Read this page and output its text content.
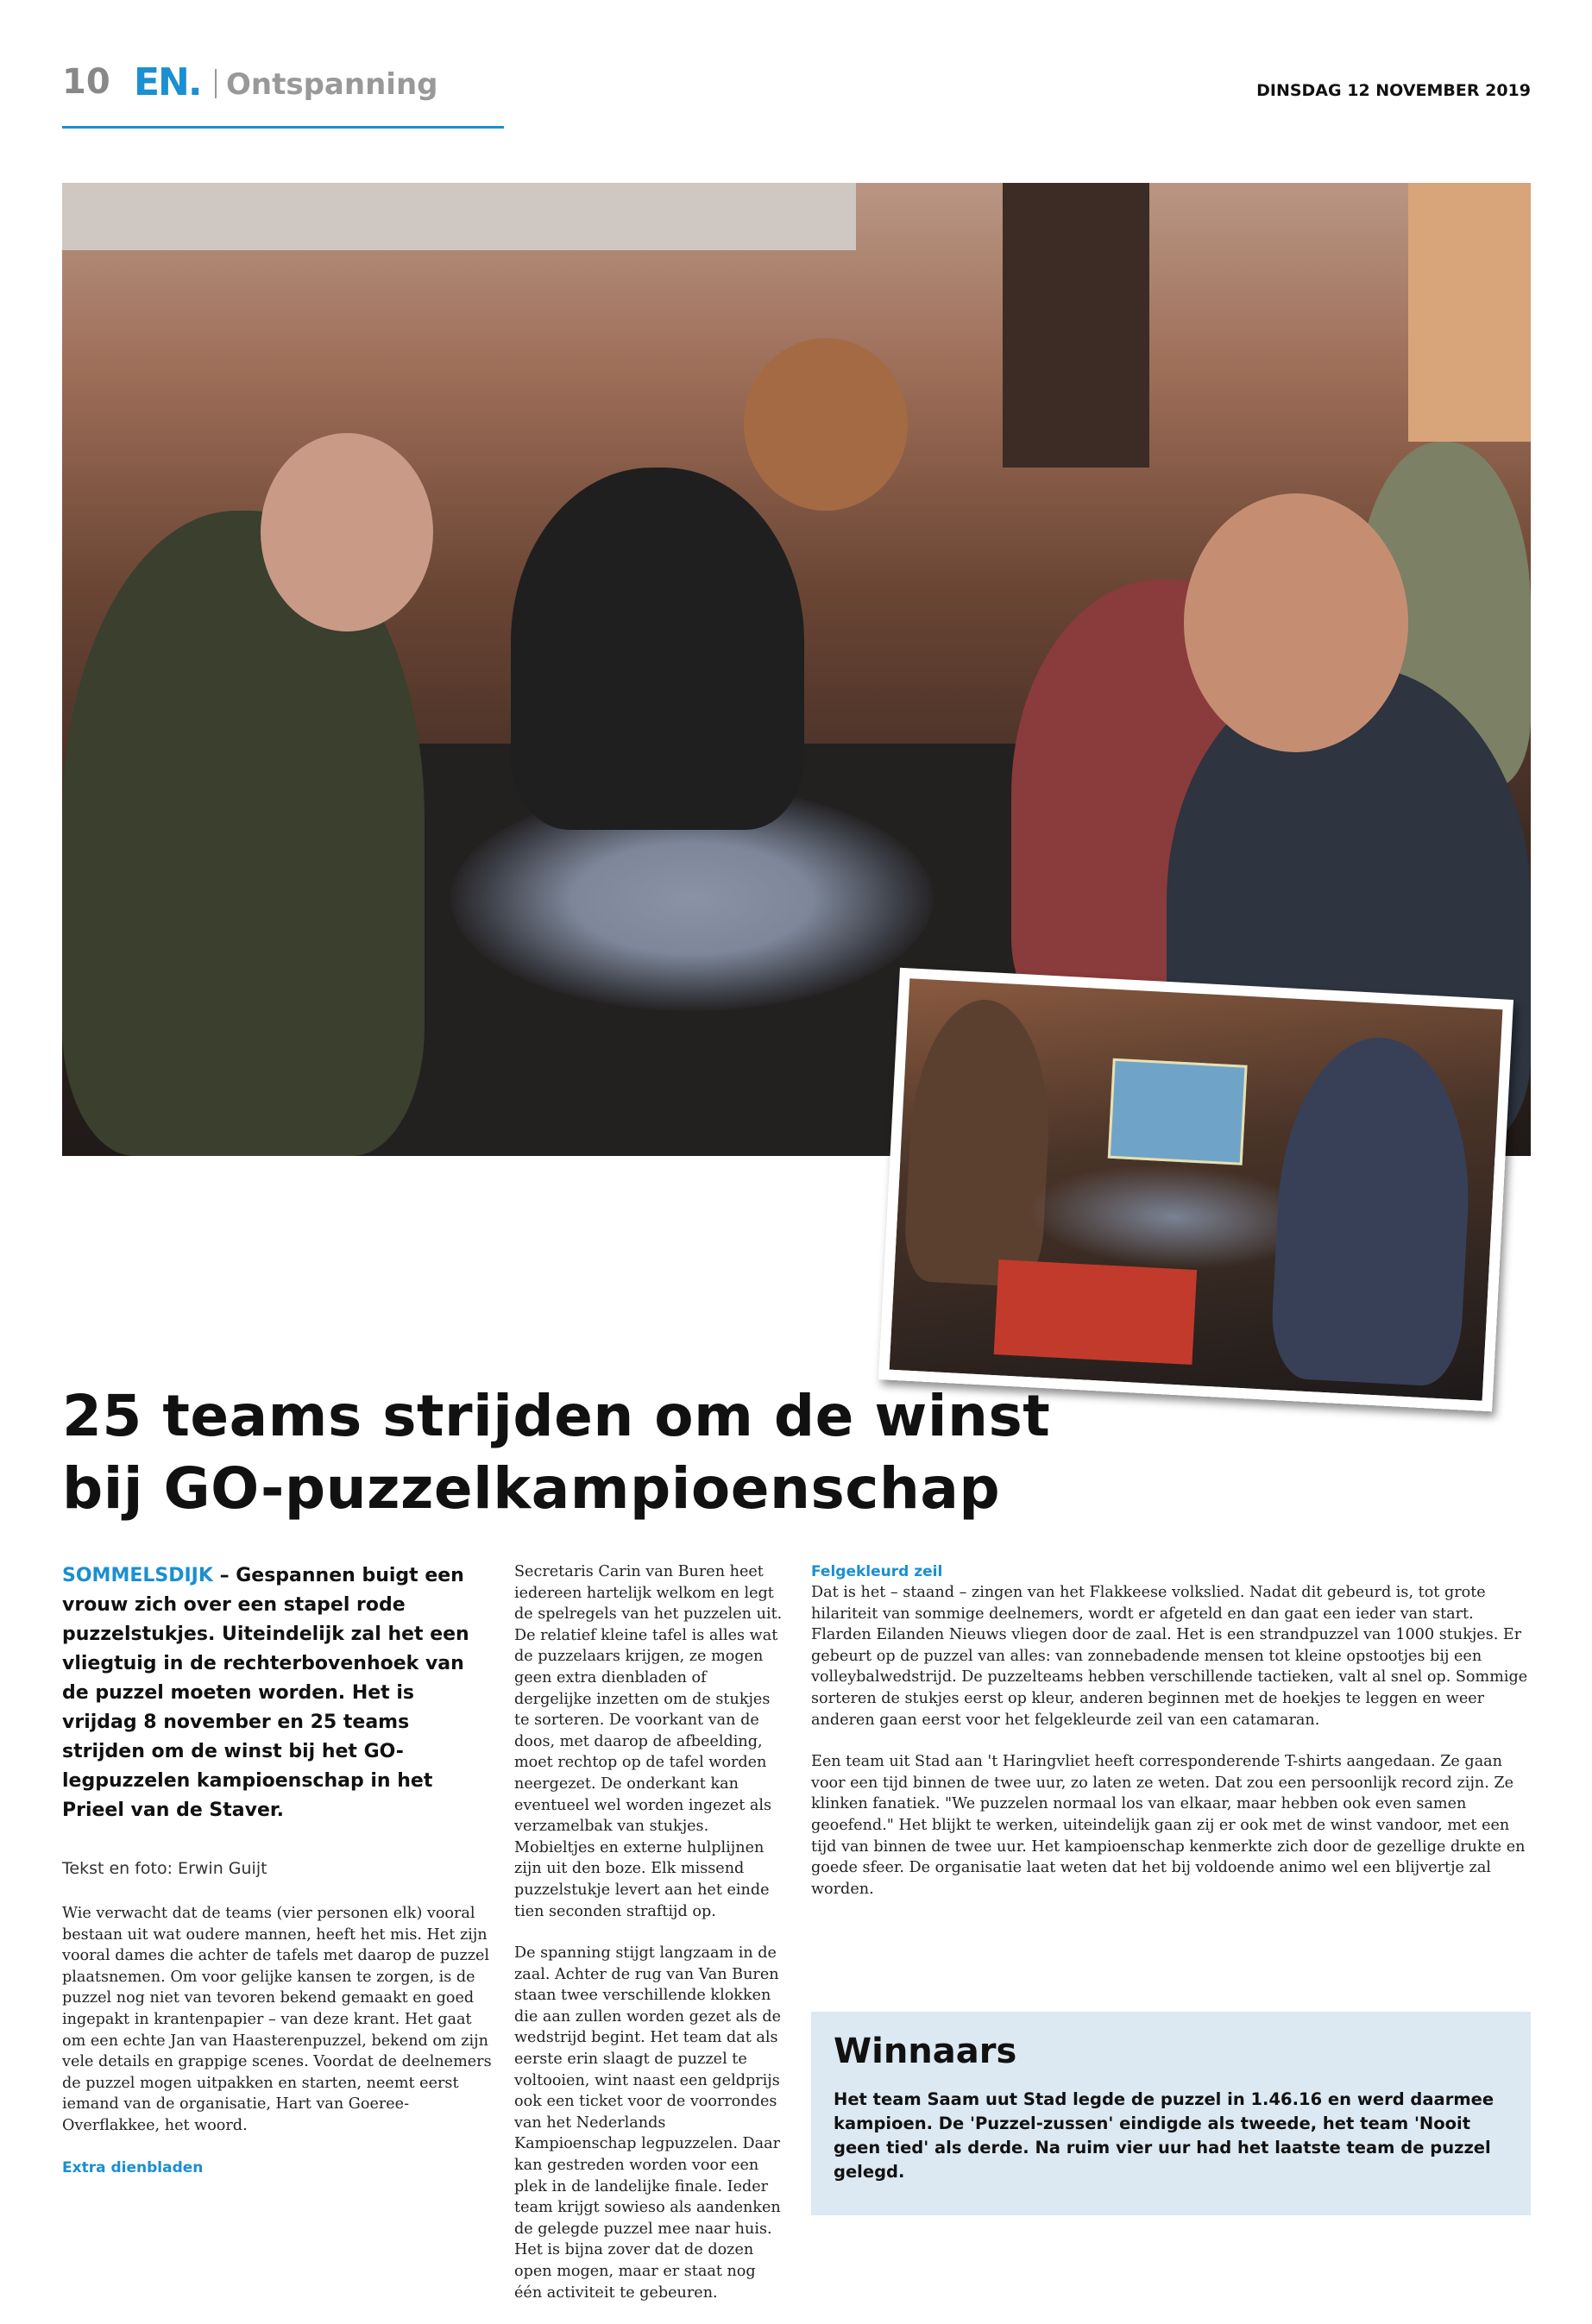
10 EN. Ontspanning	DINSDAG 12 NOVEMBER 2019
25 teams strijden om de winst
bij GO-puzzelkampioenschap

SOMMELSDIJK – Gespannen buigt een vrouw zich over een stapel rode puzzelstukjes. Uiteindelijk zal het een vliegtuig in de rechterbovenhoek van de puzzel moeten worden. Het is vrijdag 8 november en 25 teams strijden om de winst bij het GO-legpuzzelen kampioenschap in het Prieel van de Staver.

Tekst en foto: Erwin Guijt

Wie verwacht dat de teams (vier personen elk) vooral bestaan uit wat oudere mannen, heeft het mis. Het zijn vooral dames die achter de tafels met daarop de puzzel plaatsnemen. Om voor gelijke kansen te zorgen, is de puzzel nog niet van tevoren bekend gemaakt en goed ingepakt in krantenpapier – van deze krant. Het gaat om een echte Jan van Haasterenpuzzel, bekend om zijn vele details en grappige scenes. Voordat de deelnemers de puzzel mogen uitpakken en starten, neemt eerst iemand van de organisatie, Hart van Goeree-Overflakkee, het woord.

Extra dienbladen

Secretaris Carin van Buren heet iedereen hartelijk welkom en legt de spelregels van het puzzelen uit. De relatief kleine tafel is alles wat de puzzelaars krijgen, ze mogen geen extra dienbladen of dergelijke inzetten om de stukjes te sorteren. De voorkant van de doos, met daarop de afbeelding, moet rechtop op de tafel worden neergezet. De onderkant kan eventueel wel worden ingezet als verzamelbak van stukjes. Mobieltjes en externe hulplijnen zijn uit den boze. Elk missend puzzelstukje levert aan het einde tien seconden straftijd op.

De spanning stijgt langzaam in de zaal. Achter de rug van Van Buren staan twee verschillende klokken die aan zullen worden gezet als de wedstrijd begint. Het team dat als eerste erin slaagt de puzzel te voltooien, wint naast een geldprijs ook een ticket voor de voorrondes van het Nederlands Kampioenschap legpuzzelen. Daar kan gestreden worden voor een plek in de landelijke finale. Ieder team krijgt sowieso als aandenken de gelegde puzzel mee naar huis. Het is bijna zover dat de dozen open mogen, maar er staat nog één activiteit te gebeuren.

Felgekleurd zeil

Dat is het – staand – zingen van het Flakkeese volkslied. Nadat dit gebeurd is, tot grote hilariteit van sommige deelnemers, wordt er afgeteld en dan gaat een ieder van start. Flarden Eilanden Nieuws vliegen door de zaal. Het is een strandpuzzel van 1000 stukjes. Er gebeurt op de puzzel van alles: van zonnebadende mensen tot kleine opstootjes bij een volleybalwedstrijd. De puzzelteams hebben verschillende tactieken, valt al snel op. Sommige sorteren de stukjes eerst op kleur, anderen beginnen met de hoekjes te leggen en weer anderen gaan eerst voor het felgekleurde zeil van een catamaran.

Een team uit Stad aan 't Haringvliet heeft corresponderende T-shirts aangedaan. Ze gaan voor een tijd binnen de twee uur, zo laten ze weten. Dat zou een persoonlijk record zijn. Ze klinken fanatiek. "We puzzelen normaal los van elkaar, maar hebben ook even samen geoefend." Het blijkt te werken, uiteindelijk gaan zij er ook met de winst vandoor, met een tijd van binnen de twee uur. Het kampioenschap kenmerkte zich door de gezellige drukte en goede sfeer. De organisatie laat weten dat het bij voldoende animo wel een blijvertje zal worden.

Winnaars

Het team Saam uut Stad legde de puzzel in 1.46.16 en werd daarmee kampioen. De 'Puzzel-zussen' eindigde als tweede, het team 'Nooit geen tied' als derde. Na ruim vier uur had het laatste team de puzzel gelegd.
